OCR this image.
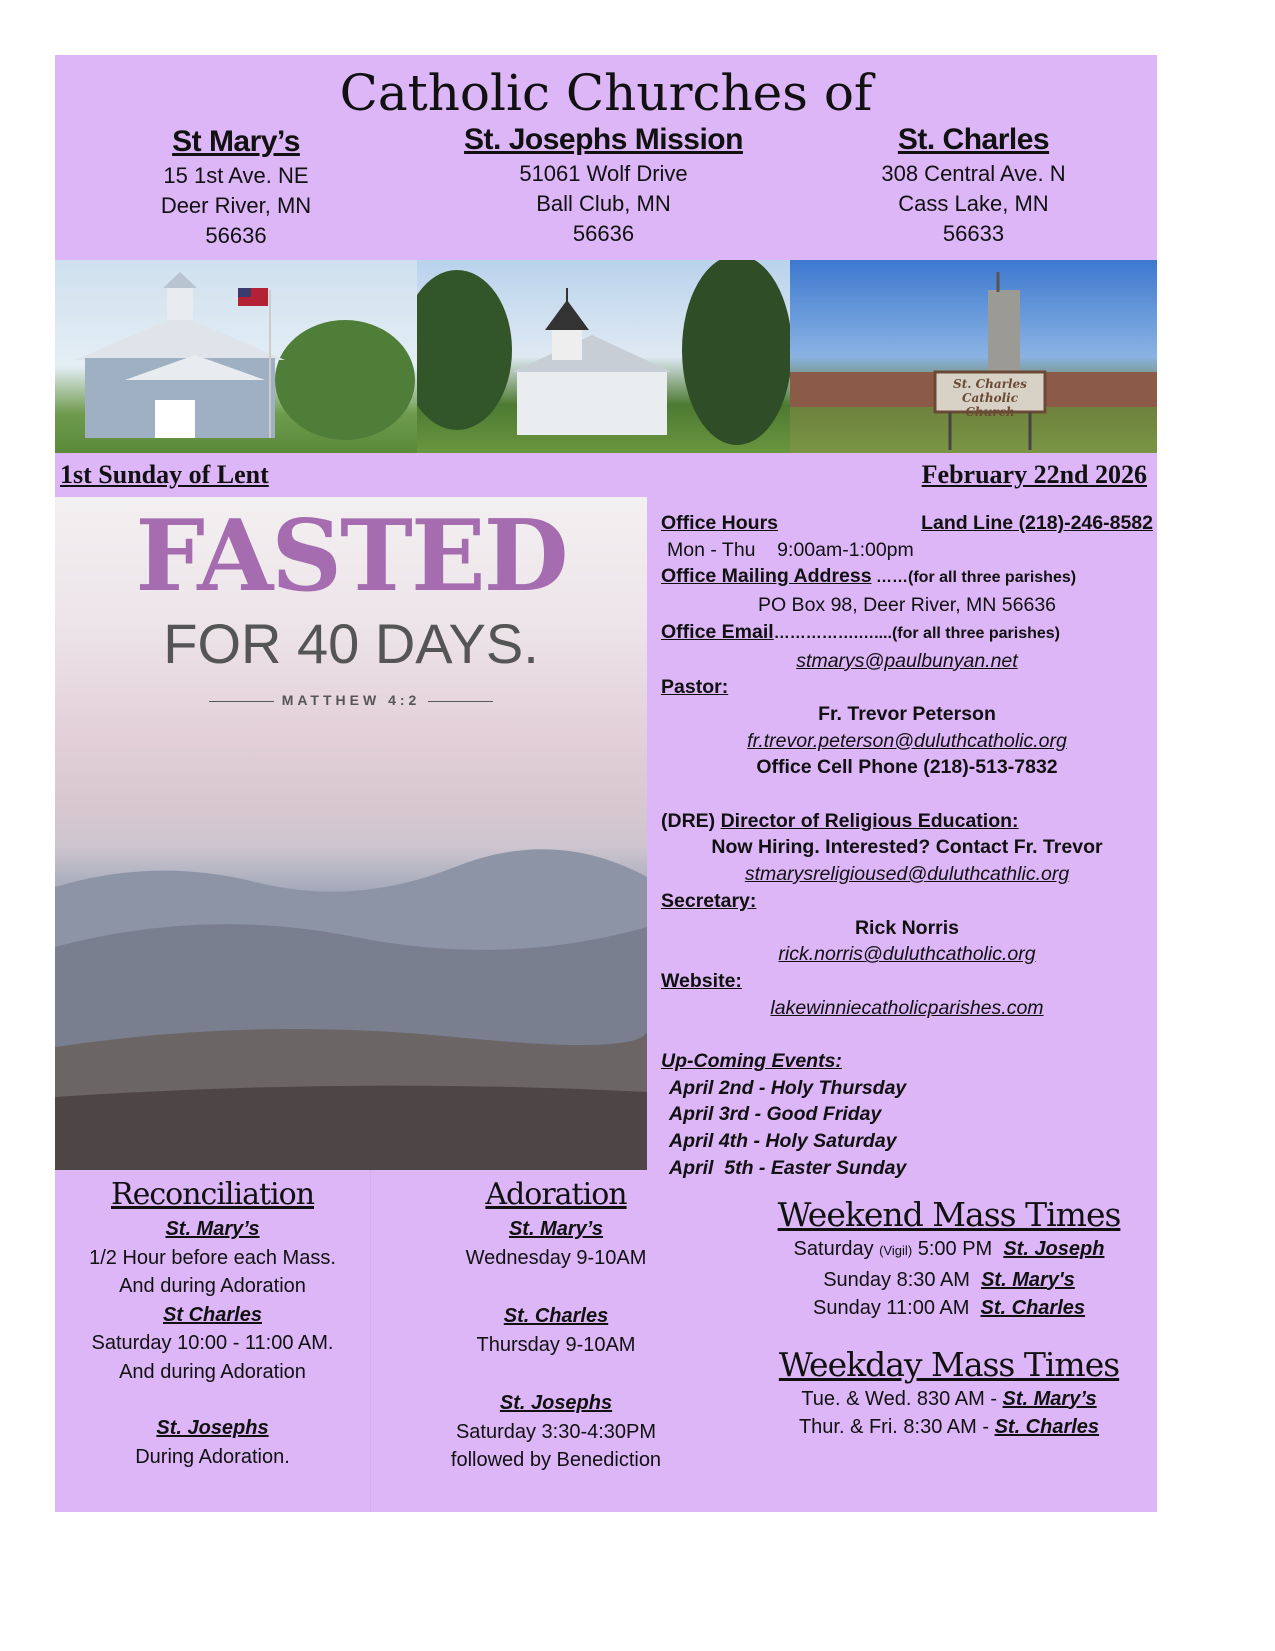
Catholic Churches of
St Mary’s
15 1st Ave. NE
Deer River, MN
56636
St. Josephs Mission
51061 Wolf Drive
Ball Club, MN
56636
St. Charles
308 Central Ave. N
Cass Lake, MN
56633
St. Charles Catholic Church
1st Sunday of Lent	February 22nd 2026
FASTED
FOR 40 DAYS.
MATTHEW 4:2
Office Hours	Land Line (218)-246-8582
Mon - Thu    9:00am-1:00pm
Office Mailing Address ……(for all three parishes)
PO Box 98, Deer River, MN 56636
Office Email…………….…....(for all three parishes)
stmarys@paulbunyan.net
Pastor:
Fr. Trevor Peterson
fr.trevor.peterson@duluthcatholic.org
Office Cell Phone (218)-513-7832
(DRE) Director of Religious Education:
Now Hiring. Interested? Contact Fr. Trevor
stmarysreligioused@duluthcathlic.org
Secretary:
Rick Norris
rick.norris@duluthcatholic.org
Website:
lakewinniecatholicparishes.com
Up-Coming Events:
April 2nd - Holy Thursday
April 3rd - Good Friday
April 4th - Holy Saturday
April  5th - Easter Sunday
Reconciliation
St. Mary’s
1/2 Hour before each Mass.
And during Adoration
St Charles
Saturday 10:00 - 11:00 AM.
And during Adoration
St. Josephs
During Adoration.
Adoration
St. Mary’s
Wednesday 9-10AM
St. Charles
Thursday 9-10AM
St. Josephs
Saturday 3:30-4:30PM
followed by Benediction
Weekend Mass Times
Saturday (Vigil) 5:00 PM  St. Joseph
Sunday 8:30 AM  St. Mary's
Sunday 11:00 AM  St. Charles
Weekday Mass Times
Tue. & Wed. 830 AM - St. Mary’s
Thur. & Fri. 8:30 AM - St. Charles
